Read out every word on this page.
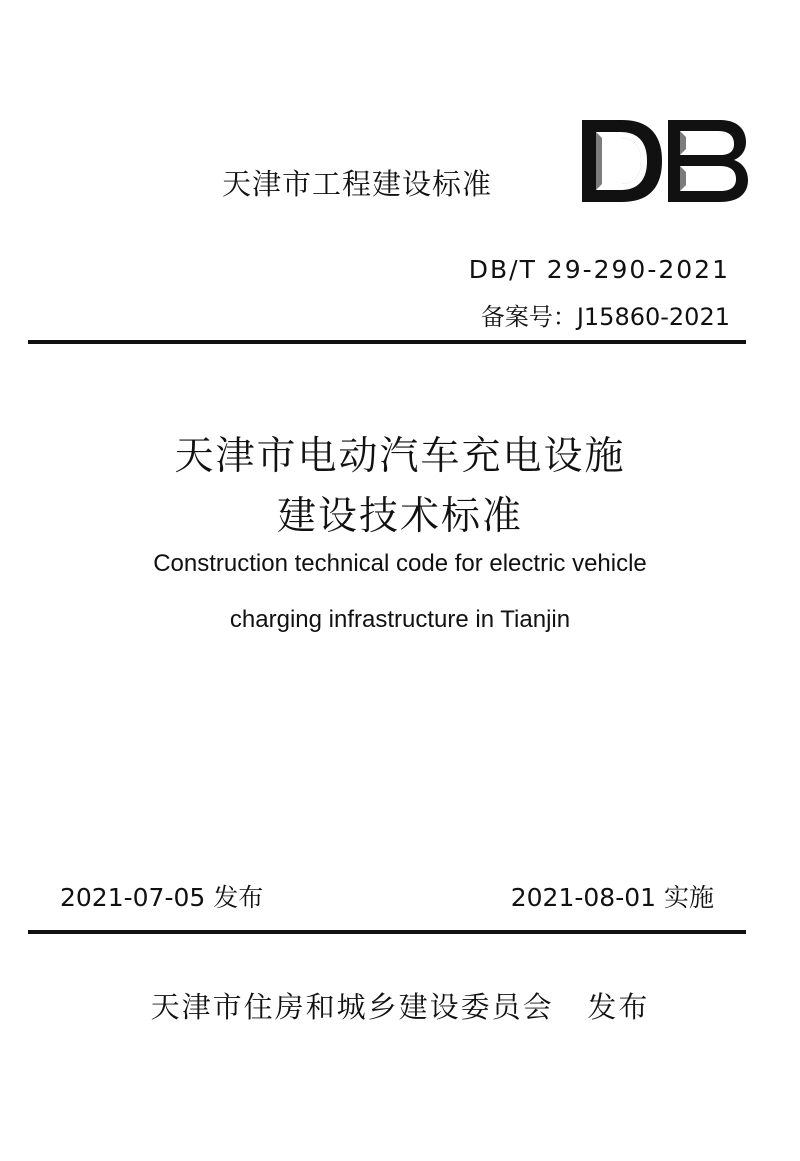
天津市工程建设标准
DB/T 29-290-2021
备案号：J15860-2021
天津市电动汽车充电设施
建设技术标准
Construction technical code for electric vehicle
charging infrastructure in Tianjin
2021-07-05 发布	2021-08-01 实施
天津市住房和城乡建设委员会   发布
